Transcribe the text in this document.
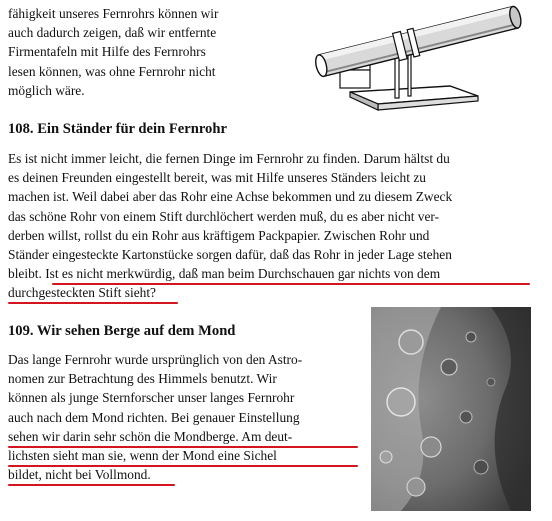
fähigkeit unseres Fernrohrs können wir
auch dadurch zeigen, daß wir entfernte
Firmentafeln mit Hilfe des Fernrohrs
lesen können, was ohne Fernrohr nicht
möglich wäre.
108. Ein Ständer für dein Fernrohr
Es ist nicht immer leicht, die fernen Dinge im Fernrohr zu finden. Darum hältst du
es deinen Freunden eingestellt bereit, was mit Hilfe unseres Ständers leicht zu
machen ist. Weil dabei aber das Rohr eine Achse bekommen und zu diesem Zweck
das schöne Rohr von einem Stift durchlöchert werden muß, du es aber nicht ver-
derben willst, rollst du ein Rohr aus kräftigem Packpapier. Zwischen Rohr und
Ständer eingesteckte Kartonstücke sorgen dafür, daß das Rohr in jeder Lage stehen
bleibt. Ist es nicht merkwürdig, daß man beim Durchschauen gar nichts von dem
durchgesteckten Stift sieht?
109. Wir sehen Berge auf dem Mond
Das lange Fernrohr wurde ursprünglich von den Astro-
nomen zur Betrachtung des Himmels benutzt. Wir
können als junge Sternforscher unser langes Fernrohr
auch nach dem Mond richten. Bei genauer Einstellung
sehen wir darin sehr schön die Mondberge. Am deut-
lichsten sieht man sie, wenn der Mond eine Sichel
bildet, nicht bei Vollmond.
